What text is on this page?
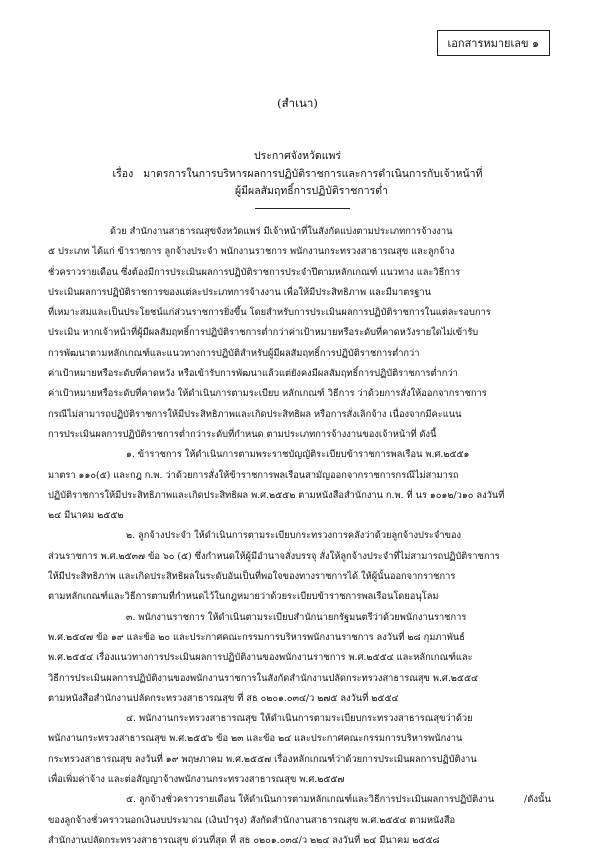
เอกสารหมายเลข ๑
(สำเนา)
ประกาศจังหวัดแพร่
เรื่อง มาตรการในการบริหารผลการปฏิบัติราชการและการดำเนินการกับเจ้าหน้าที่
ผู้มีผลสัมฤทธิ์การปฏิบัติราชการต่ำ
ด้วย สำนักงานสาธารณสุขจังหวัดแพร่ มีเจ้าหน้าที่ในสังกัดแบ่งตามประเภทการจ้างงาน
๕ ประเภท ได้แก่ ข้าราชการ ลูกจ้างประจำ พนักงานราชการ พนักงานกระทรวงสาธารณสุข และลูกจ้าง
ชั่วคราวรายเดือน ซึ่งต้องมีการประเมินผลการปฏิบัติราชการประจำปีตามหลักเกณฑ์ แนวทาง และวิธีการ
ประเมินผลการปฏิบัติราชการของแต่ละประเภทการจ้างงาน เพื่อให้มีประสิทธิภาพ และมีมาตรฐาน
ที่เหมาะสมและเป็นประโยชน์แก่ส่วนราชการยิ่งขึ้น โดยสำหรับการประเมินผลการปฏิบัติราชการในแต่ละรอบการ
ประเมิน หากเจ้าหน้าที่ผู้มีผลสัมฤทธิ์การปฏิบัติราชการต่ำกว่าค่าเป้าหมายหรือระดับที่คาดหวังรายใดไม่เข้ารับ
การพัฒนาตามหลักเกณฑ์และแนวทางการปฏิบัติสำหรับผู้มีผลสัมฤทธิ์การปฏิบัติราชการต่ำกว่า
ค่าเป้าหมายหรือระดับที่คาดหวัง หรือเข้ารับการพัฒนาแล้วแต่ยังคงมีผลสัมฤทธิ์การปฏิบัติราชการต่ำกว่า
ค่าเป้าหมายหรือระดับที่คาดหวัง ให้ดำเนินการตามระเบียบ หลักเกณฑ์ วิธีการ ว่าด้วยการสั่งให้ออกจากราชการ
กรณีไม่สามารถปฏิบัติราชการให้มีประสิทธิภาพและเกิดประสิทธิผล หรือการสั่งเลิกจ้าง เนื่องจากมีคะแนน
การประเมินผลการปฏิบัติราชการต่ำกว่าระดับที่กำหนด ตามประเภทการจ้างงานของเจ้าหน้าที่ ดังนี้
๑. ข้าราชการ ให้ดำเนินการตามพระราชบัญญัติระเบียบข้าราชการพลเรือน พ.ศ.๒๕๕๑
มาตรา ๑๑๐(๕) และกฎ ก.พ. ว่าด้วยการสั่งให้ข้าราชการพลเรือนสามัญออกจากราชการกรณีไม่สามารถ
ปฏิบัติราชการให้มีประสิทธิภาพและเกิดประสิทธิผล พ.ศ.๒๕๕๒ ตามหนังสือสำนักงาน ก.พ. ที่ นร ๑๐๑๒/ว๑๐ ลงวันที่
๒๔ มีนาคม ๒๕๕๒
๒. ลูกจ้างประจำ ให้ดำเนินการตามระเบียบกระทรวงการคลังว่าด้วยลูกจ้างประจำของ
ส่วนราชการ พ.ศ.๒๕๓๗ ข้อ ๖๐ (๕) ซึ่งกำหนดให้ผู้มีอำนาจสั่งบรรจุ สั่งให้ลูกจ้างประจำที่ไม่สามารถปฏิบัติราชการ
ให้มีประสิทธิภาพ และเกิดประสิทธิผลในระดับอันเป็นที่พอใจของทางราชการได้ ให้ผู้นั้นออกจากราชการ
ตามหลักเกณฑ์และวิธีการตามที่กำหนดไว้ในกฎหมายว่าด้วยระเบียบข้าราชการพลเรือนโดยอนุโลม
๓. พนักงานราชการ ให้ดำเนินตามระเบียบสำนักนายกรัฐมนตรีว่าด้วยพนักงานราชการ
พ.ศ.๒๕๔๗ ข้อ ๑๙ และข้อ ๒๐ และประกาศคณะกรรมการบริหารพนักงานราชการ ลงวันที่ ๒๘ กุมภาพันธ์
พ.ศ.๒๕๕๔ เรื่องแนวทางการประเมินผลการปฏิบัติงานของพนักงานราชการ พ.ศ.๒๕๕๔ และหลักเกณฑ์และ
วิธีการประเมินผลการปฏิบัติงานของพนักงานราชการในสังกัดสำนักงานปลัดกระทรวงสาธารณสุข พ.ศ.๒๕๕๔
ตามหนังสือสำนักงานปลัดกระทรวงสาธารณสุข ที่ สธ ๐๒๐๑.๐๓๔/ว ๒๗๕ ลงวันที่ ๒๕๕๔
๔. พนักงานกระทรวงสาธารณสุข ให้ดำเนินการตามระเบียบกระทรวงสาธารณสุขว่าด้วย
พนักงานกระทรวงสาธารณสุข พ.ศ.๒๕๕๖ ข้อ ๒๓ และข้อ ๒๔ และประกาศคณะกรรมการบริหารพนักงาน
กระทรวงสาธารณสุข ลงวันที่ ๑๙ พฤษภาคม พ.ศ.๒๕๕๗ เรื่องหลักเกณฑ์ว่าด้วยการประเมินผลการปฏิบัติงาน
เพื่อเพิ่มค่าจ้าง และต่อสัญญาจ้างพนักงานกระทรวงสาธารณสุข พ.ศ.๒๕๕๗
๕. ลูกจ้างชั่วคราวรายเดือน ให้ดำเนินการตามหลักเกณฑ์และวิธีการประเมินผลการปฏิบัติงาน
ของลูกจ้างชั่วคราวนอกเงินงบประมาณ (เงินบำรุง) สังกัดสำนักงานสาธารณสุข พ.ศ.๒๕๕๔ ตามหนังสือ
สำนักงานปลัดกระทรวงสาธารณสุข ด่วนที่สุด ที่ สธ ๐๒๐๑.๐๓๔/ว ๒๒๔ ลงวันที่ ๒๔ มีนาคม ๒๕๕๘
/ดังนั้น
